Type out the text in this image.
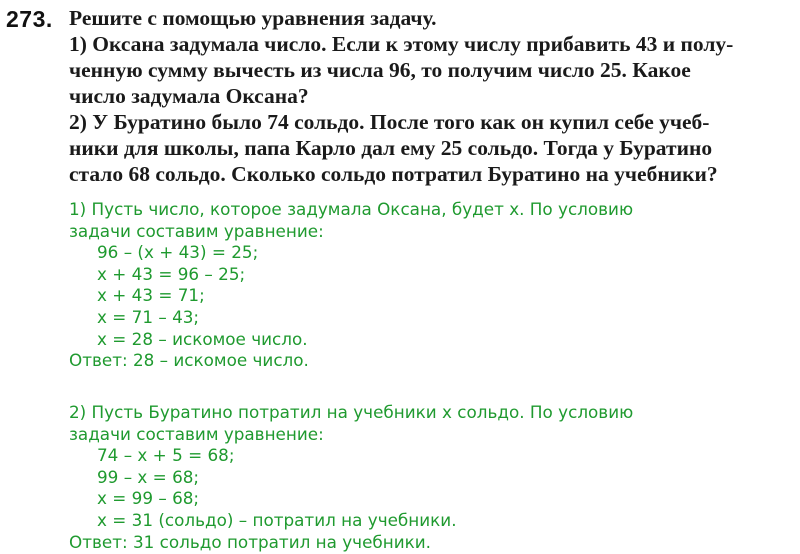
273. Решите с помощью уравнения задачу.
1) Оксана задумала число. Если к этому числу прибавить 43 и полу-
ченную сумму вычесть из числа 96, то получим число 25. Какое
число задумала Оксана?
2) У Буратино было 74 сольдо. После того как он купил себе учеб-
ники для школы, папа Карло дал ему 25 сольдо. Тогда у Буратино
стало 68 сольдо. Сколько сольдо потратил Буратино на учебники?
1) Пусть число, которое задумала Оксана, будет х. По условию
задачи составим уравнение:
96 – (х + 43) = 25;
х + 43 = 96 – 25;
х + 43 = 71;
х = 71 – 43;
х = 28 – искомое число.
Ответ: 28 – искомое число.
2) Пусть Буратино потратил на учебники х сольдо. По условию
задачи составим уравнение:
74 – х + 5 = 68;
99 – х = 68;
х = 99 – 68;
х = 31 (сольдо) – потратил на учебники.
Ответ: 31 сольдо потратил на учебники.
